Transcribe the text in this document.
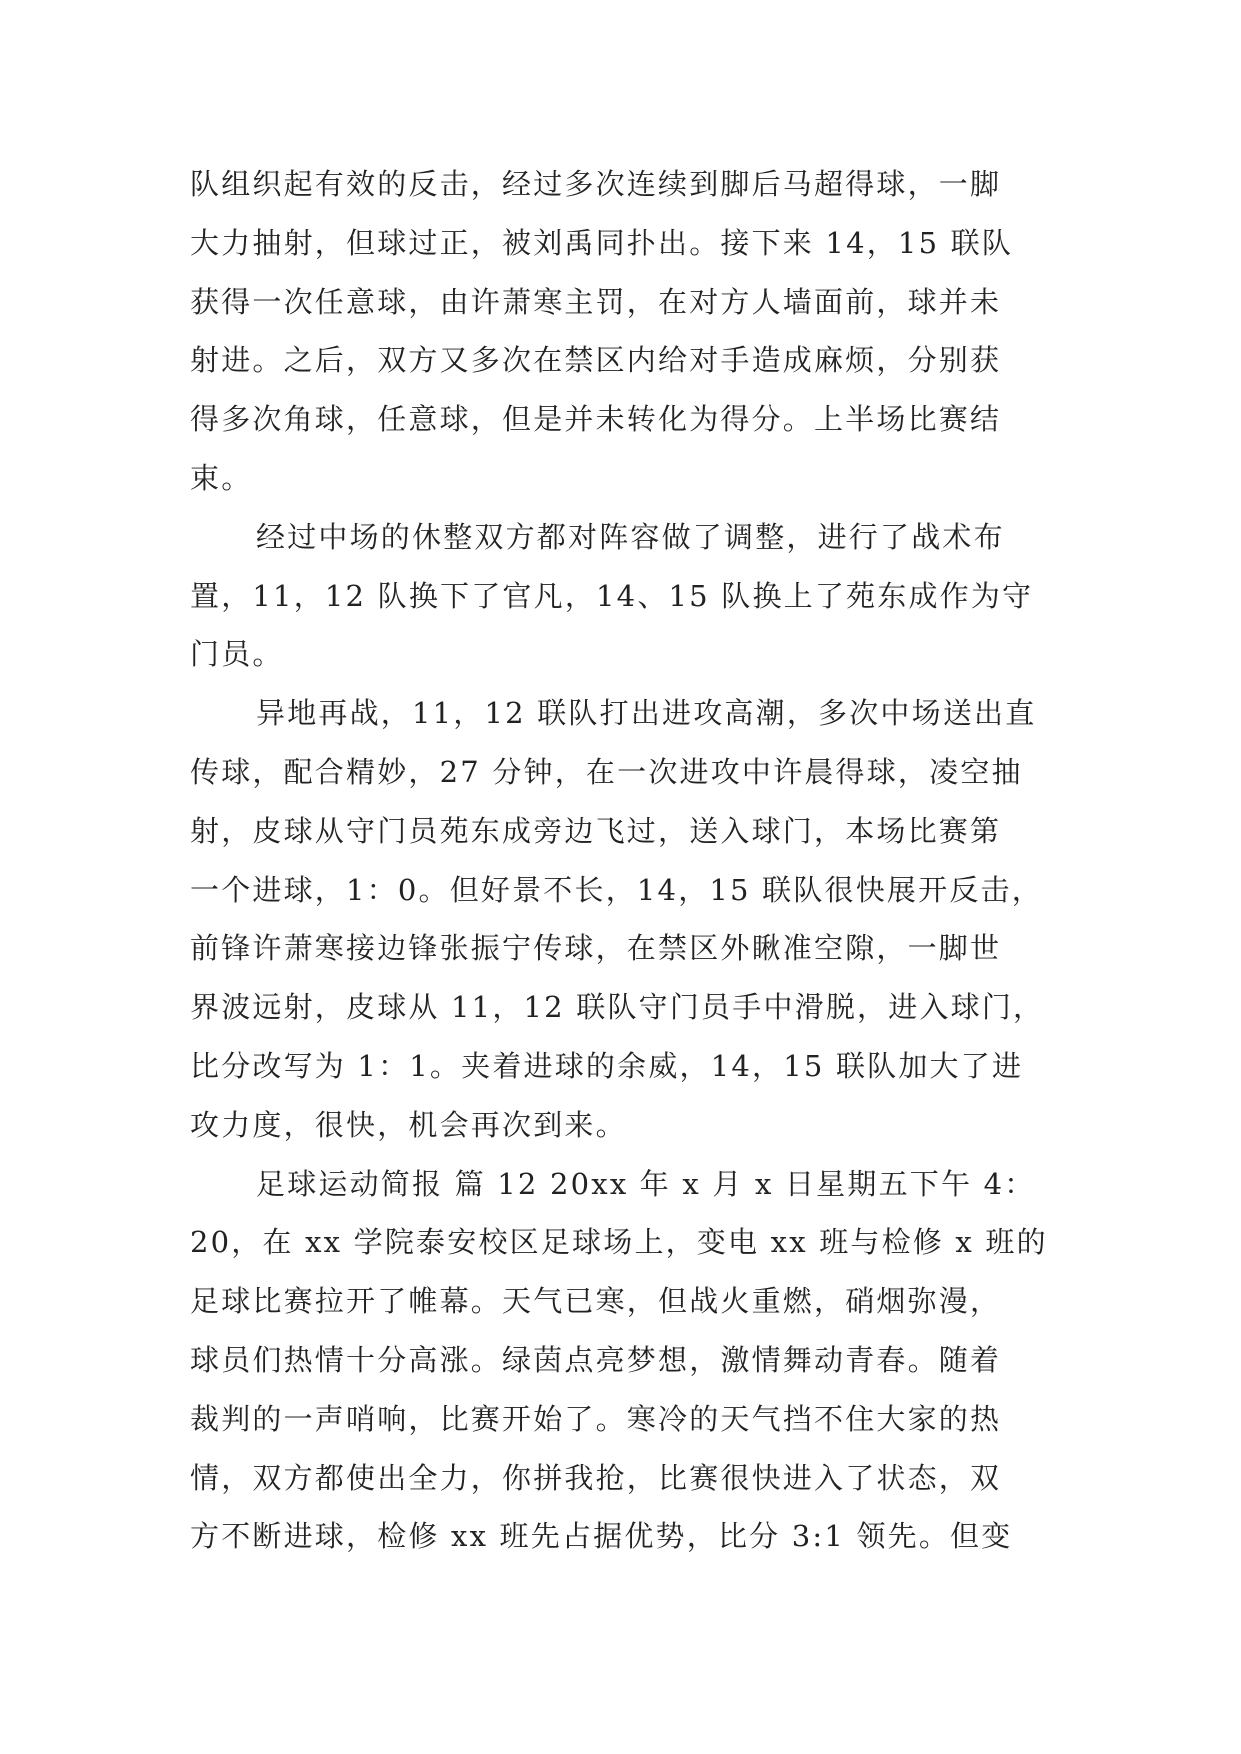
队组织起有效的反击，经过多次连续到脚后马超得球，一脚
大力抽射，但球过正，被刘禹同扑出。接下来 14，15 联队
获得一次任意球，由许萧寒主罚，在对方人墙面前，球并未
射进。之后，双方又多次在禁区内给对手造成麻烦，分别获
得多次角球，任意球，但是并未转化为得分。上半场比赛结
束。
经过中场的休整双方都对阵容做了调整，进行了战术布
置，11，12 队换下了官凡，14、15 队换上了苑东成作为守
门员。
异地再战，11，12 联队打出进攻高潮，多次中场送出直
传球，配合精妙，27 分钟，在一次进攻中许晨得球，凌空抽
射，皮球从守门员苑东成旁边飞过，送入球门，本场比赛第
一个进球，1：0。但好景不长，14，15 联队很快展开反击，
前锋许萧寒接边锋张振宁传球，在禁区外瞅准空隙，一脚世
界波远射，皮球从 11，12 联队守门员手中滑脱，进入球门，
比分改写为 1：1。夹着进球的余威，14，15 联队加大了进
攻力度，很快，机会再次到来。
足球运动简报 篇 12 20xx 年 x 月 x 日星期五下午 4：
20，在 xx 学院泰安校区足球场上，变电 xx 班与检修 x 班的
足球比赛拉开了帷幕。天气已寒，但战火重燃，硝烟弥漫，
球员们热情十分高涨。绿茵点亮梦想，激情舞动青春。随着
裁判的一声哨响，比赛开始了。寒冷的天气挡不住大家的热
情，双方都使出全力，你拼我抢，比赛很快进入了状态，双
方不断进球，检修 xx 班先占据优势，比分 3:1 领先。但变
